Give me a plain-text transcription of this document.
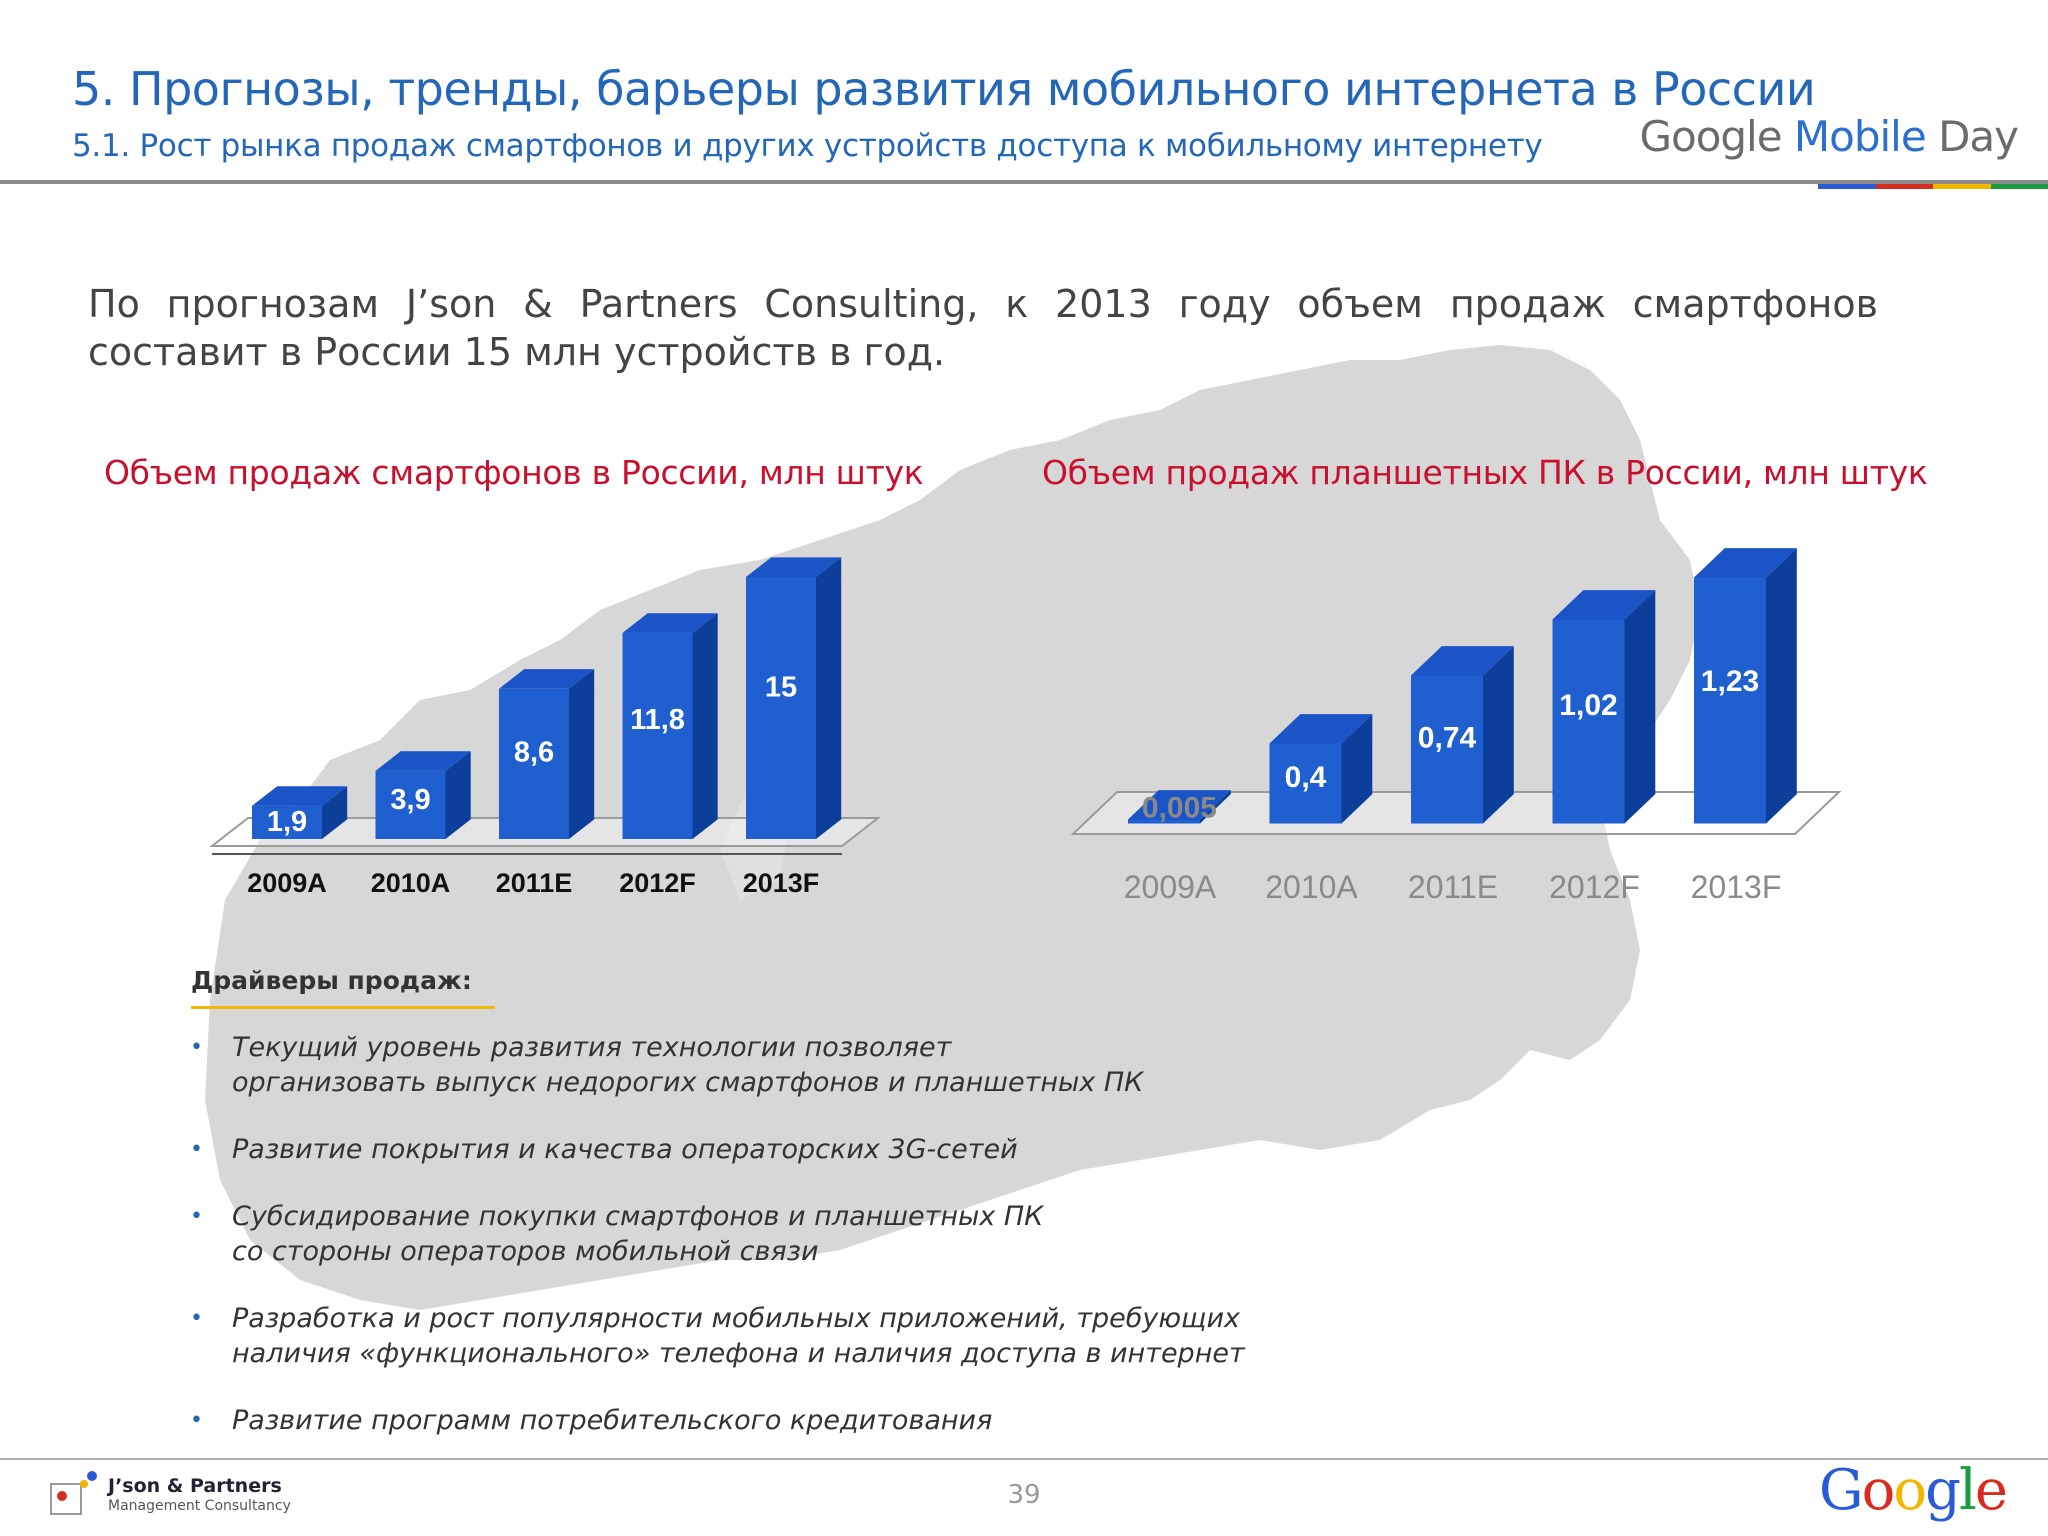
5. Прогнозы, тренды, барьеры развития мобильного интернета в России
5.1. Рост рынка продаж смартфонов и других устройств доступа к мобильному интернету Google Mobile Day
По прогнозам J’son & Partners Consulting, к 2013 году объем продаж смартфонов составит в России 15 млн устройств в год.
Объем продаж смартфонов в России, млн штук	Объем продаж планшетных ПК в России, млн штук
1,9
2009A
3,9
2010A
8,6
2011E
11,8
2012F
15
2013F
0,005
2009A
0,4
2010A
0,74
2011E
1,02
2012F
1,23
2013F
Драйверы продаж:
• Текущий уровень развития технологии позволяет
организовать выпуск недорогих смартфонов и планшетных ПК
• Развитие покрытия и качества операторских 3G-сетей
• Субсидирование покупки смартфонов и планшетных ПК
со стороны операторов мобильной связи
• Разработка и рост популярности мобильных приложений, требующих
наличия «функционального» телефона и наличия доступа в интернет
• Развитие программ потребительского кредитования
39
J’son & Partners
Management Consultancy	Google
